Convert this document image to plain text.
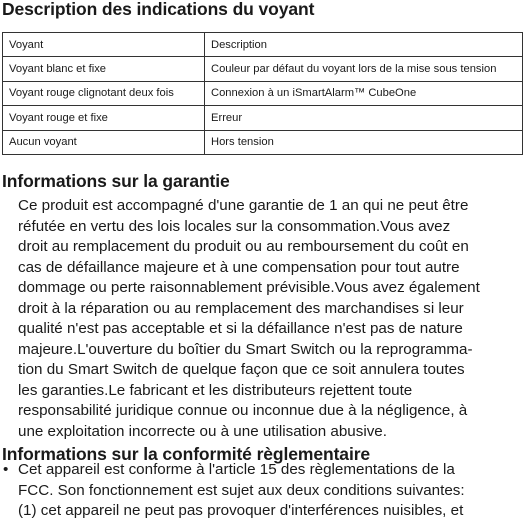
Description des indications du voyant
Voyant	Description
Voyant blanc et fixe	Couleur par défaut du voyant lors de la mise sous tension
Voyant rouge clignotant deux fois	Connexion à un iSmartAlarm™ CubeOne
Voyant rouge et fixe	Erreur
Aucun voyant	Hors tension
Informations sur la garantie
Ce produit est accompagné d'une garantie de 1 an qui ne peut être
réfutée en vertu des lois locales sur la consommation.Vous avez
droit au remplacement du produit ou au remboursement du coût en
cas de défaillance majeure et à une compensation pour tout autre
dommage ou perte raisonnablement prévisible.Vous avez également
droit à la réparation ou au remplacement des marchandises si leur
qualité n'est pas acceptable et si la défaillance n'est pas de nature
majeure.L'ouverture du boîtier du Smart Switch ou la reprogramma-
tion du Smart Switch de quelque façon que ce soit annulera toutes
les garanties.Le fabricant et les distributeurs rejettent toute
responsabilité juridique connue ou inconnue due à la négligence, à
une exploitation incorrecte ou à une utilisation abusive.
Informations sur la conformité règlementaire
• Cet appareil est conforme à l'article 15 des règlementations de la
FCC. Son fonctionnement est sujet aux deux conditions suivantes:
(1) cet appareil ne peut pas provoquer d'interférences nuisibles, et
